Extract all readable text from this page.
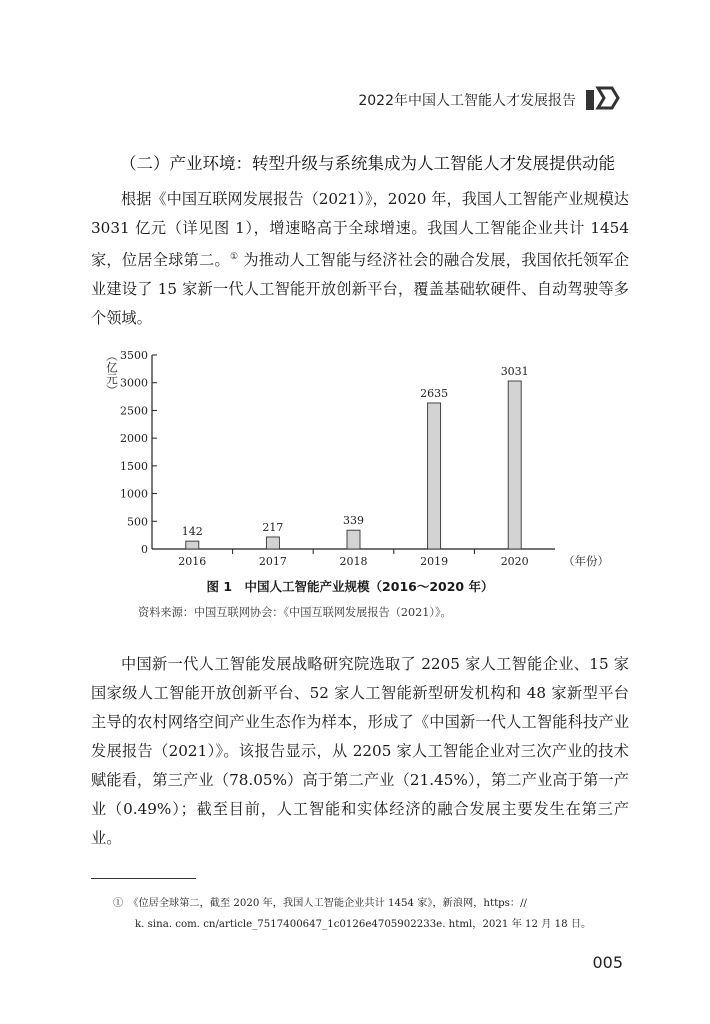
2022年中国人工智能人才发展报告
（二）产业环境：转型升级与系统集成为人工智能人才发展提供动能

根据《中国互联网发展报告（2021）》，2020 年，我国人工智能产业规模达 3031 亿元（详见图 1），增速略高于全球增速。我国人工智能企业共计 1454 家，位居全球第二。① 为推动人工智能与经济社会的融合发展，我国依托领军企业建设了 15 家新一代人工智能开放创新平台，覆盖基础软硬件、自动驾驶等多个领域。

0
500
1000
1500
2000
2500
3000
3500
142
2016
217
2017
339
2018
2635
2019
3031
2020	（年份）
（亿元）
图 1　中国人工智能产业规模（2016～2020 年）
资料来源：中国互联网协会：《中国互联网发展报告（2021）》。

中国新一代人工智能发展战略研究院选取了 2205 家人工智能企业、15 家国家级人工智能开放创新平台、52 家人工智能新型研发机构和 48 家新型平台主导的农村网络空间产业生态作为样本，形成了《中国新一代人工智能科技产业发展报告（2021）》。该报告显示，从 2205 家人工智能企业对三次产业的技术赋能看，第三产业（78.05%）高于第二产业（21.45%），第二产业高于第一产业（0.49%）；截至目前，人工智能和实体经济的融合发展主要发生在第三产业。

①　 《位居全球第二，截至 2020 年，我国人工智能企业共计 1454 家》，新浪网，https：//
k. sina. com. cn/article_7517400647_1c0126e4705902233e. html，2021 年 12 月 18 日。

005
